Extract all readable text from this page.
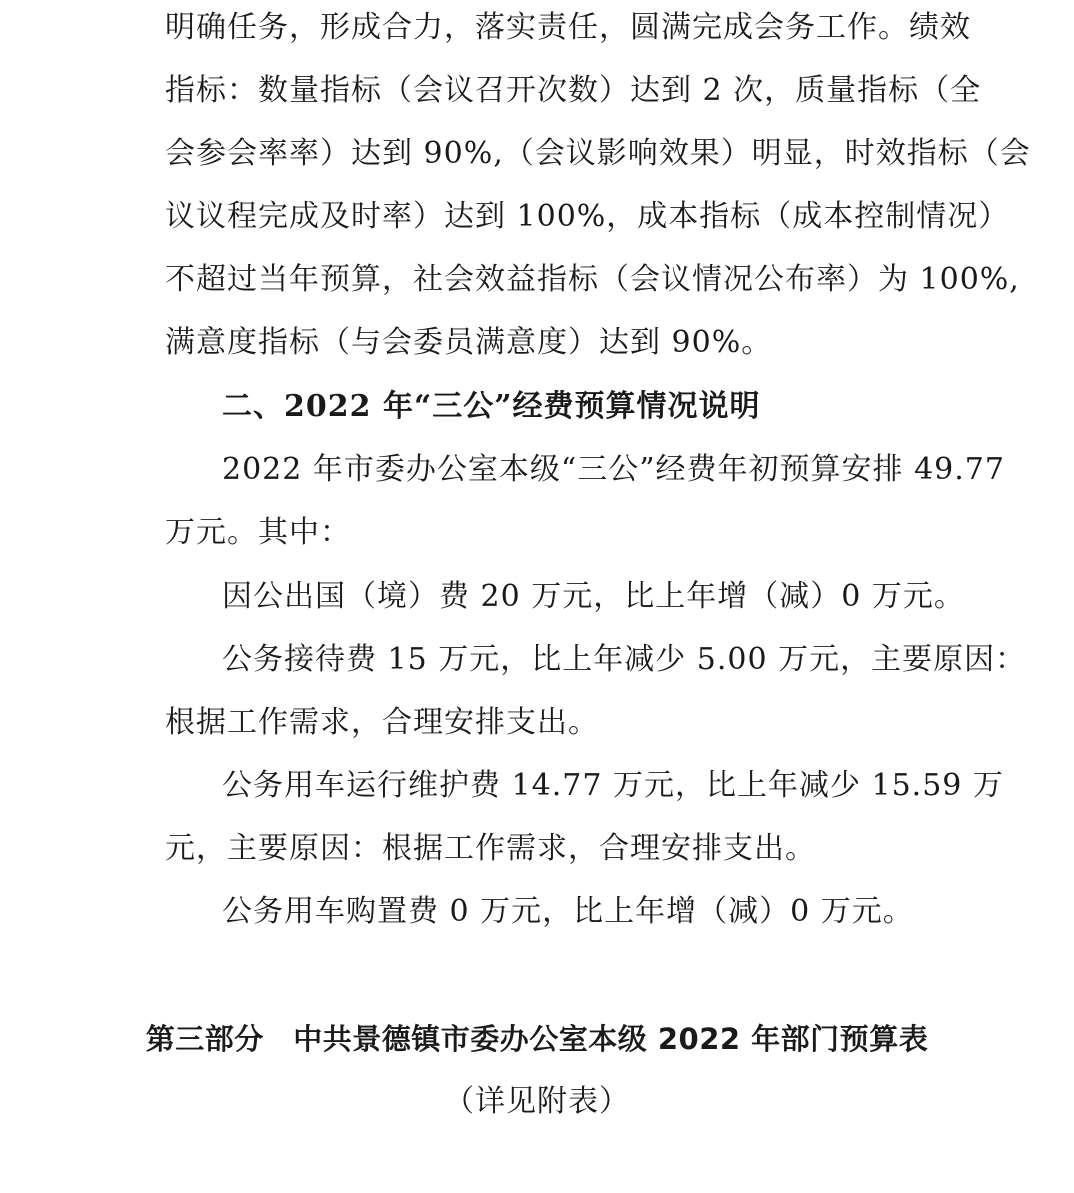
明确任务，形成合力，落实责任，圆满完成会务工作。绩效
指标：数量指标（会议召开次数）达到 2 次，质量指标（全
会参会率率）达到 90%,（会议影响效果）明显，时效指标（会
议议程完成及时率）达到 100%，成本指标（成本控制情况）
不超过当年预算，社会效益指标（会议情况公布率）为 100%,
满意度指标（与会委员满意度）达到 90%。
二、2022 年“三公”经费预算情况说明
2022 年市委办公室本级“三公”经费年初预算安排 49.77
万元。其中：
因公出国（境）费 20 万元，比上年增（减）0 万元。
公务接待费 15 万元，比上年减少 5.00 万元，主要原因：
根据工作需求，合理安排支出。
公务用车运行维护费 14.77 万元，比上年减少 15.59 万
元，主要原因：根据工作需求，合理安排支出。
公务用车购置费 0 万元，比上年增（减）0 万元。
第三部分　中共景德镇市委办公室本级 2022 年部门预算表
（详见附表）
